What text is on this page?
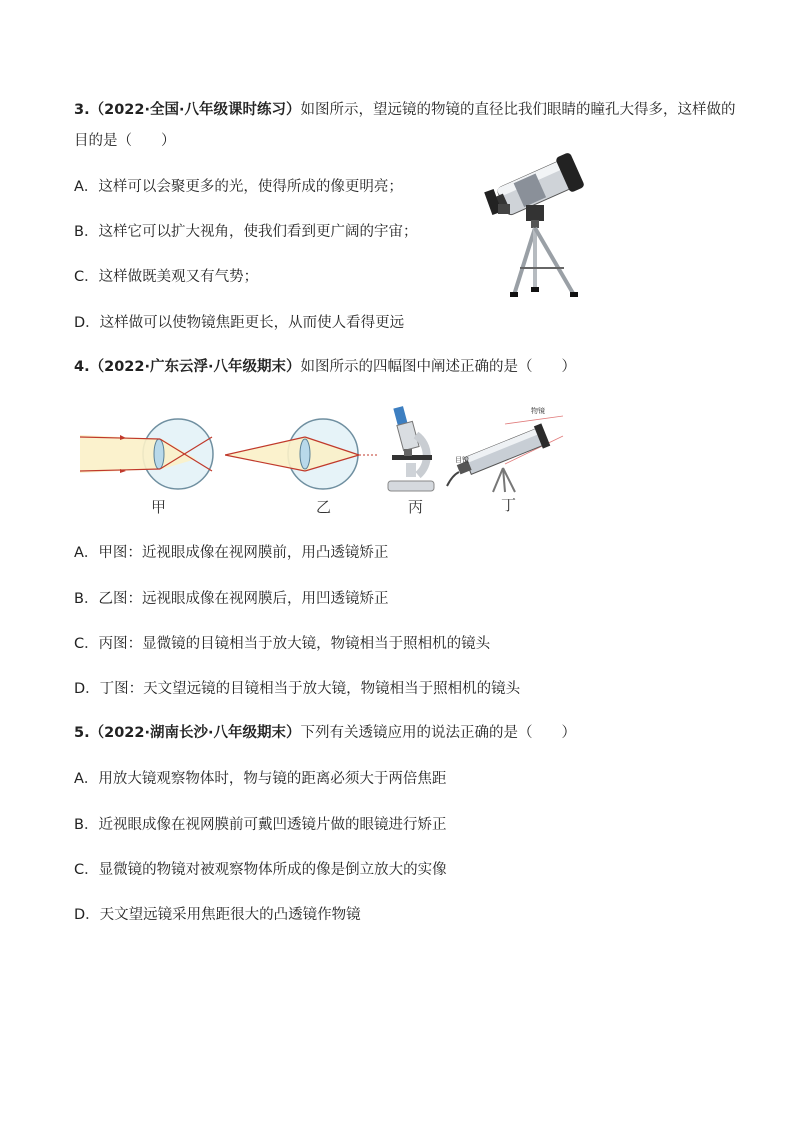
3.（2022·全国·八年级课时练习）如图所示，望远镜的物镜的直径比我们眼睛的瞳孔大得多，这样做的
目的是（　　）
A．这样可以会聚更多的光，使得所成的像更明亮；
B．这样它可以扩大视角，使我们看到更广阔的宇宙；
C．这样做既美观又有气势；
D．这样做可以使物镜焦距更长，从而使人看得更远
4.（2022·广东云浮·八年级期末）如图所示的四幅图中阐述正确的是（　　）
甲	乙	丙
物镜
目镜
丁
A．甲图：近视眼成像在视网膜前，用凸透镜矫正
B．乙图：远视眼成像在视网膜后，用凹透镜矫正
C．丙图：显微镜的目镜相当于放大镜，物镜相当于照相机的镜头
D．丁图：天文望远镜的目镜相当于放大镜，物镜相当于照相机的镜头
5.（2022·湖南长沙·八年级期末）下列有关透镜应用的说法正确的是（　　）
A．用放大镜观察物体时，物与镜的距离必须大于两倍焦距
B．近视眼成像在视网膜前可戴凹透镜片做的眼镜进行矫正
C．显微镜的物镜对被观察物体所成的像是倒立放大的实像
D．天文望远镜采用焦距很大的凸透镜作物镜
